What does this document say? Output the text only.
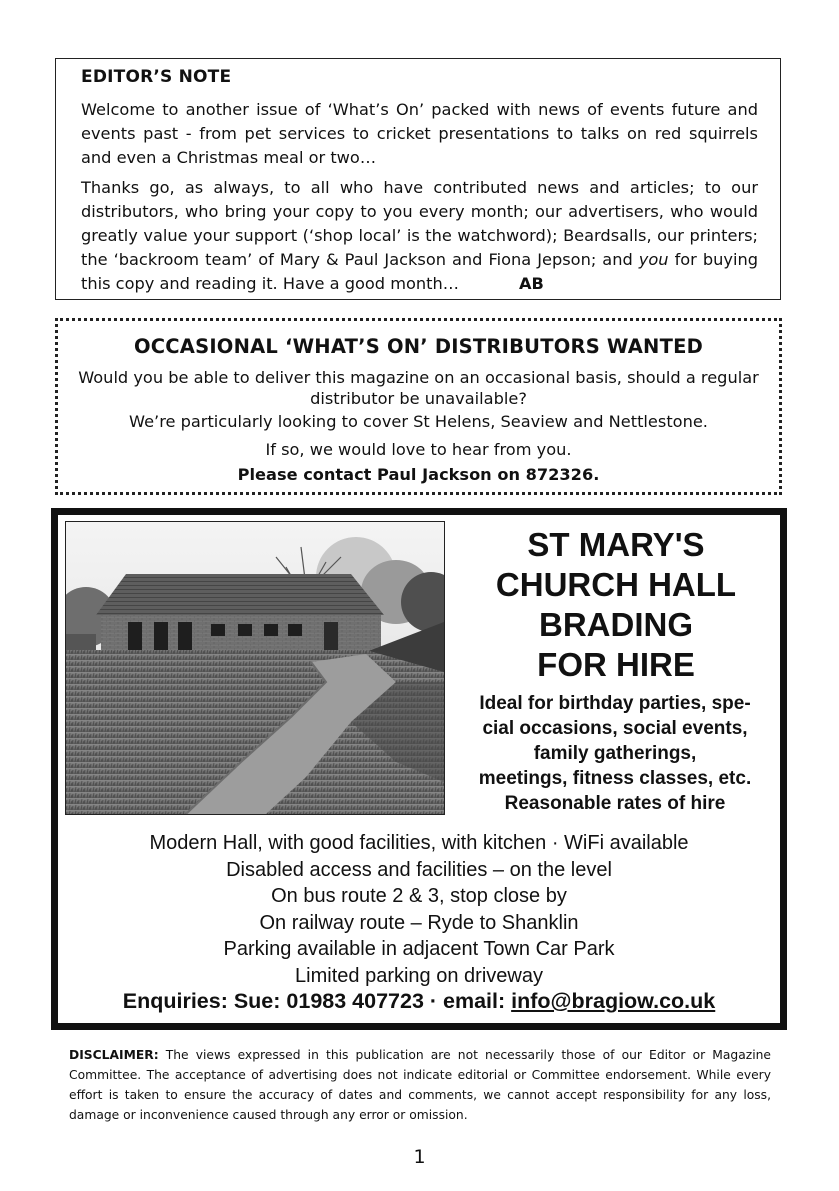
EDITOR’S NOTE

Welcome to another issue of ‘What’s On’ packed with news of events future and events past - from pet services to cricket presentations to talks on red squirrels and even a Christmas meal or two…

Thanks go, as always, to all who have contributed news and articles; to our distributors, who bring your copy to you every month; our advertisers, who would greatly value your support (‘shop local’ is the watchword); Beardsalls, our printers; the ‘backroom team’ of Mary & Paul Jackson and Fiona Jepson; and you for buying this copy and reading it. Have a good month…	AB

OCCASIONAL ‘WHAT’S ON’ DISTRIBUTORS WANTED
Would you be able to deliver this magazine on an occasional basis, should a regular distributor be unavailable?
We’re particularly looking to cover St Helens, Seaview and Nettlestone.
If so, we would love to hear from you.
Please contact Paul Jackson on 872326.
ST MARY'S
CHURCH HALL
BRADING
FOR HIRE
Ideal for birthday parties, spe-
cial occasions, social events,
family gatherings,
meetings, fitness classes, etc.
Reasonable rates of hire
Modern Hall, with good facilities, with kitchen · WiFi available
Disabled access and facilities – on the level
On bus route 2 & 3, stop close by
On railway route – Ryde to Shanklin
Parking available in adjacent Town Car Park
Limited parking on driveway
Enquiries: Sue: 01983 407723 · email: info@bragiow.co.uk

DISCLAIMER: The views expressed in this publication are not necessarily those of our Editor or Magazine Committee. The acceptance of advertising does not indicate editorial or Committee endorsement. While every effort is taken to ensure the accuracy of dates and comments, we cannot accept responsibility for any loss, damage or inconvenience caused through any error or omission.

1
